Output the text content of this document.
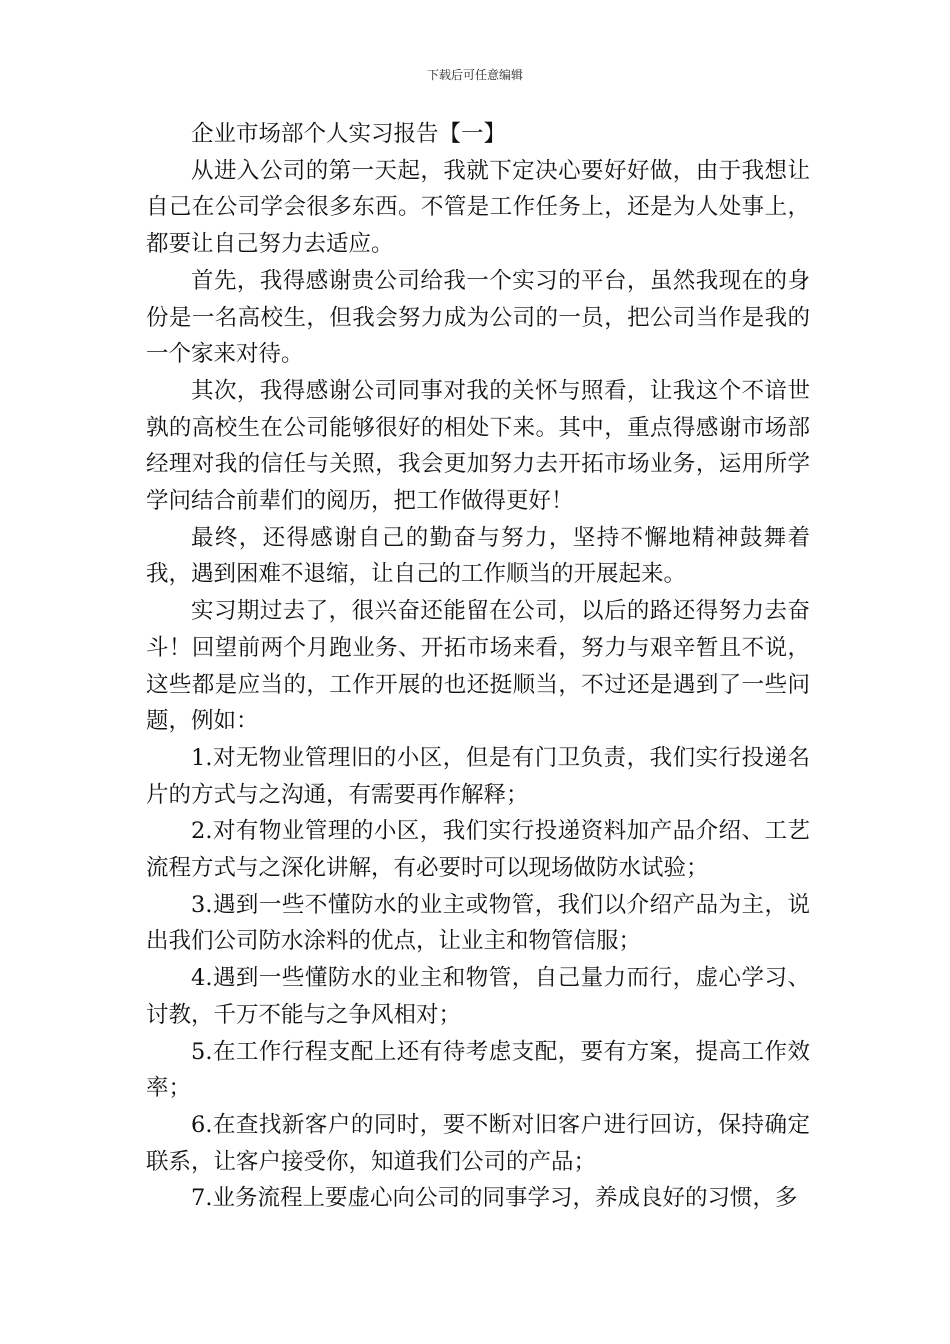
下载后可任意编辑

企业市场部个人实习报告【一】

从进入公司的第一天起，我就下定决心要好好做，由于我想让自己在公司学会很多东西。不管是工作任务上，还是为人处事上，都要让自己努力去适应。

首先，我得感谢贵公司给我一个实习的平台，虽然我现在的身份是一名高校生，但我会努力成为公司的一员，把公司当作是我的一个家来对待。

其次，我得感谢公司同事对我的关怀与照看，让我这个不谙世孰的高校生在公司能够很好的相处下来。其中，重点得感谢市场部经理对我的信任与关照，我会更加努力去开拓市场业务，运用所学学问结合前辈们的阅历，把工作做得更好！

最终，还得感谢自己的勤奋与努力，坚持不懈地精神鼓舞着我，遇到困难不退缩，让自己的工作顺当的开展起来。

实习期过去了，很兴奋还能留在公司，以后的路还得努力去奋斗！回望前两个月跑业务、开拓市场来看，努力与艰辛暂且不说，这些都是应当的，工作开展的也还挺顺当，不过还是遇到了一些问题，例如：

1.对无物业管理旧的小区，但是有门卫负责，我们实行投递名片的方式与之沟通，有需要再作解释；

2.对有物业管理的小区，我们实行投递资料加产品介绍、工艺流程方式与之深化讲解，有必要时可以现场做防水试验；

3.遇到一些不懂防水的业主或物管，我们以介绍产品为主，说出我们公司防水涂料的优点，让业主和物管信服；

4.遇到一些懂防水的业主和物管，自己量力而行，虚心学习、讨教，千万不能与之争风相对；

5.在工作行程支配上还有待考虑支配，要有方案，提高工作效率；

6.在查找新客户的同时，要不断对旧客户进行回访，保持确定联系，让客户接受你，知道我们公司的产品；

7.业务流程上要虚心向公司的同事学习，养成良好的习惯，多
